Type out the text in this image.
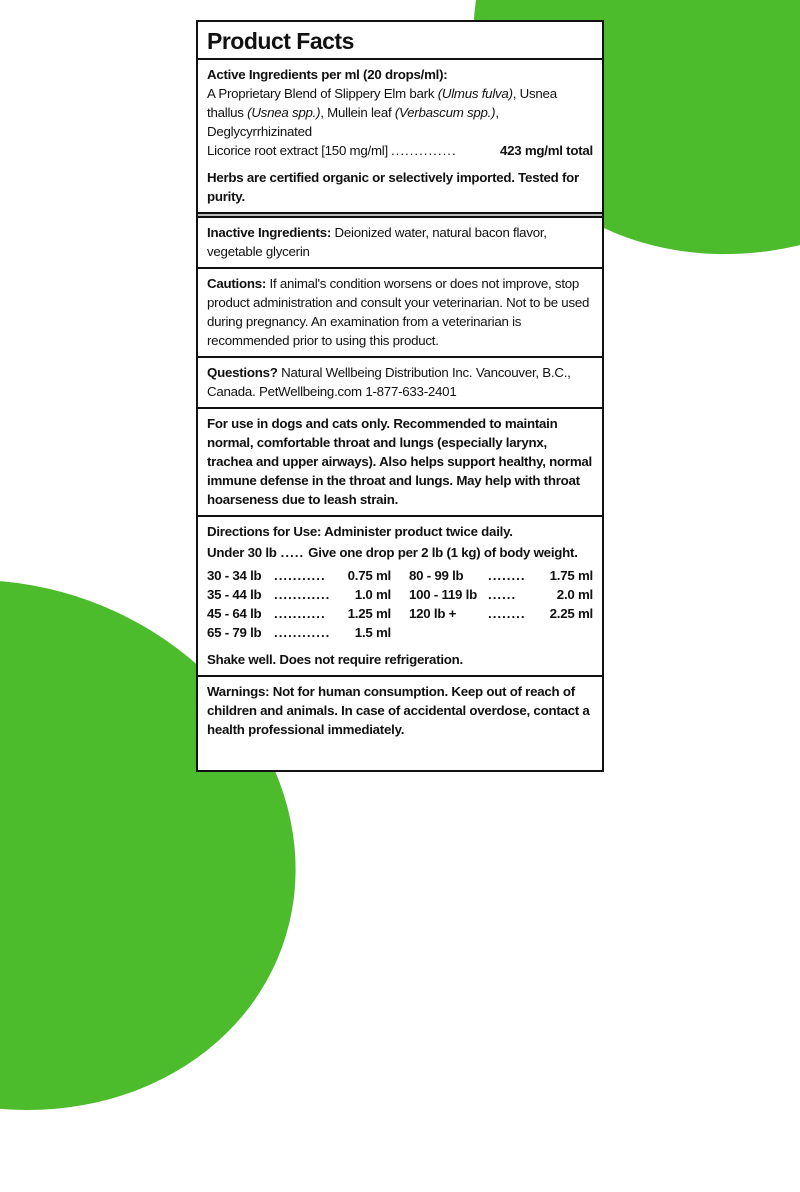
Product Facts
Active Ingredients per ml (20 drops/ml):
A Proprietary Blend of Slippery Elm bark (Ulmus fulva), Usnea thallus (Usnea spp.), Mullein leaf (Verbascum spp.), Deglycyrrhizinated
Licorice root extract [150 mg/ml] ..............	423 mg/ml total
Herbs are certified organic or selectively imported. Tested for purity.
Inactive Ingredients: Deionized water, natural bacon flavor, vegetable glycerin
Cautions: If animal's condition worsens or does not improve, stop product administration and consult your veterinarian. Not to be used during pregnancy. An examination from a veterinarian is recommended prior to using this product.
Questions? Natural Wellbeing Distribution Inc. Vancouver, B.C., Canada. PetWellbeing.com 1-877-633-2401
For use in dogs and cats only. Recommended to maintain normal, comfortable throat and lungs (especially larynx, trachea and upper airways). Also helps support healthy, normal immune defense in the throat and lungs. May help with throat hoarseness due to leash strain.
Directions for Use: Administer product twice daily.
Under 30 lb ..... Give one drop per 2 lb (1 kg) of body weight.
30 - 34 lb ...........	0.75 ml
35 - 44 lb ............	1.0 ml
45 - 64 lb ...........	1.25 ml
65 - 79 lb ............	1.5 ml
80 - 99 lb	........	1.75 ml
100 - 119 lb ......	2.0 ml
120 lb +	........	2.25 ml
Shake well. Does not require refrigeration.
Warnings: Not for human consumption. Keep out of reach of children and animals. In case of accidental overdose, contact a health professional immediately.
